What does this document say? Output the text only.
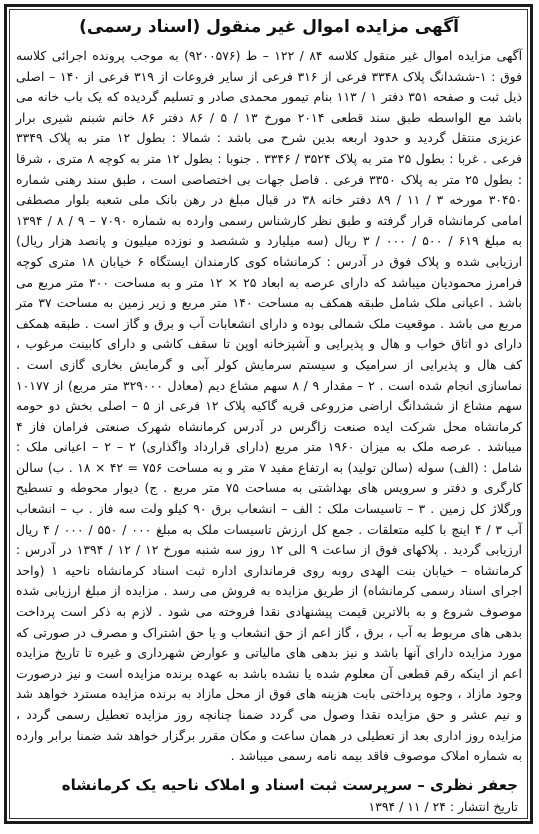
آگهی مزایده اموال غیر منقول (اسناد رسمی)

آگهی مزایده اموال غیر منقول کلاسه ۸۴ / ۱۲۲ – ط (۹۲۰۰۵۷۶) به موجب پرونده اجرائی کلاسه فوق : ۱-ششدانگ پلاک ۳۳۴۸ فرعی از ۳۱۶ فرعی از سایر فروعات از ۳۱۹ فرعی از ۱۴۰ – اصلی ذیل ثبت و صفحه ۳۵۱ دفتر ۱ / ۱۱۳ بنام تیمور محمدی صادر و تسلیم گردیده که یک باب خانه می باشد مع الواسطه طبق سند قطعی ۲۰۱۴ مورخ ۱۳ / ۵ / ۸۶ دفتر ۸۶ خانم شبنم شیری برار عزیزی منتقل گردید و حدود اربعه بدین شرح می باشد : شمالا : بطول ۱۲ متر به پلاک ۳۳۴۹ فرعی . غربا : بطول ۲۵ متر به پلاک ۳۵۲۴ / ۳۳۴۶ . جنوبا : بطول ۱۲ متر به کوچه ۸ متری ، شرقا : بطول ۲۵ متر به پلاک ۳۳۵۰ فرعی . فاصل جهات بی اختصاصی است ، طبق سند رهنی شماره ۳۰۴۵۰ مورخه ۳ / ۱۱ / ۸۹ دفتر خانه ۳۸ در قبال مبلغ در رهن بانک ملی شعبه بلوار مصطفی امامی کرمانشاه قرار گرفته و طبق نظر کارشناس رسمی وارده به شماره ۷۰۹۰ – ۹ / ۸ / ۱۳۹۴ به مبلغ ۶۱۹ / ۵۰۰ / ۰۰۰ / ۳ ریال (سه میلیارد و ششصد و نوزده میلیون و پانصد هزار ریال) ارزیابی شده و پلاک فوق در آدرس : کرمانشاه کوی کارمندان ایستگاه ۶ خیابان ۱۸ متری کوچه فرامرز محمودیان میباشد که دارای عرصه به ابعاد ۲۵ × ۱۲ متر و به مساحت ۳۰۰ متر مربع می باشد . اعیانی ملک شامل طبقه همکف به مساحت ۱۴۰ متر مربع و زیر زمین به مساحت ۳۷ متر مربع می باشد . موقعیت ملک شمالی بوده و دارای انشعابات آب و برق و گاز است . طبقه همکف دارای دو اتاق خواب و هال و پذیرایی و آشپزخانه اوپن تا سقف کاشی و دارای کابینت مرغوب ، کف هال و پذیرایی از سرامیک و سیستم سرمایش کولر آبی و گرمایش بخاری گازی است . نماسازی انجام شده است . ۲ – مقدار ۹ / ۸ سهم مشاع دیم (معادل ۳۲۹۰۰۰ متر مربع) از ۱۰۱۷۷ سهم مشاع از ششدانگ اراضی مزروعی قریه گاکیه پلاک ۱۲ فرعی از ۵ – اصلی بخش دو حومه کرمانشاه محل شرکت ایده صنعت زاگرس در آدرس کرمانشاه شهرک صنعتی فرامان فاز ۴ میباشد . عرصه ملک به میزان ۱۹۶۰ متر مربع (دارای قرارداد واگذاری) ۲ – ۲ – اعیانی ملک : شامل : (الف) سوله (سالن تولید) به ارتفاع مفید ۷ متر و به مساحت ۷۵۶ = ۴۲ × ۱۸ . ب) سالن کارگری و دفتر و سرویس های بهداشتی به مساحت ۷۵ متر مربع . ج) دیوار محوطه و تسطیح ورگلاژ کل زمین . ۳ – تاسیسات ملک : الف – انشعاب برق ۹۰ کیلو ولت سه فاز . ب – انشعاب آب ۳ / ۴ اینچ با کلیه متعلقات . جمع کل ارزش تاسیسات ملک به مبلغ ۰۰۰ / ۵۵۰ / ۰۰۰ / ۴ ریال ارزیابی گردید . پلاکهای فوق از ساعت ۹ الی ۱۲ روز سه شنبه مورخ ۱۲ / ۱۲ / ۱۳۹۴ در آدرس : کرمانشاه – خیابان بنت الهدی روبه روی فرمانداری اداره ثبت اسناد کرمانشاه ناحیه ۱ (واحد اجرای اسناد رسمی کرمانشاه) از طریق مزایده به فروش می رسد . مزایده از مبلغ ارزیابی شده موصوف شروع و به بالاترین قیمت پیشنهادی نقدا فروخته می شود . لازم به ذکر است پرداخت بدهی های مربوط به آب ، برق ، گاز اعم از حق انشعاب و یا حق اشتراک و مصرف در صورتی که مورد مزایده دارای آنها باشد و نیز بدهی های مالیاتی و عوارض شهرداری و غیره تا تاریخ مزایده اعم از اینکه رقم قطعی آن معلوم شده یا نشده باشد به عهده برنده مزایده است و نیز درصورت وجود مازاد ، وجوه پرداختی بابت هزینه های فوق از محل مازاد به برنده مزایده مسترد خواهد شد و نیم عشر و حق مزایده نقدا وصول می گردد ضمنا چنانچه روز مزایده تعطیل رسمی گردد ، مزایده روز اداری بعد از تعطیلی در همان ساعت و مکان مقرر برگزار خواهد شد ضمنا برابر وارده به شماره املاک موصوف فاقد بیمه نامه رسمی میباشد .

جعفر نظری – سرپرست ثبت اسناد و املاک ناحیه یک کرمانشاه
تاریخ انتشار : ۲۴ / ۱۱ / ۱۳۹۴
